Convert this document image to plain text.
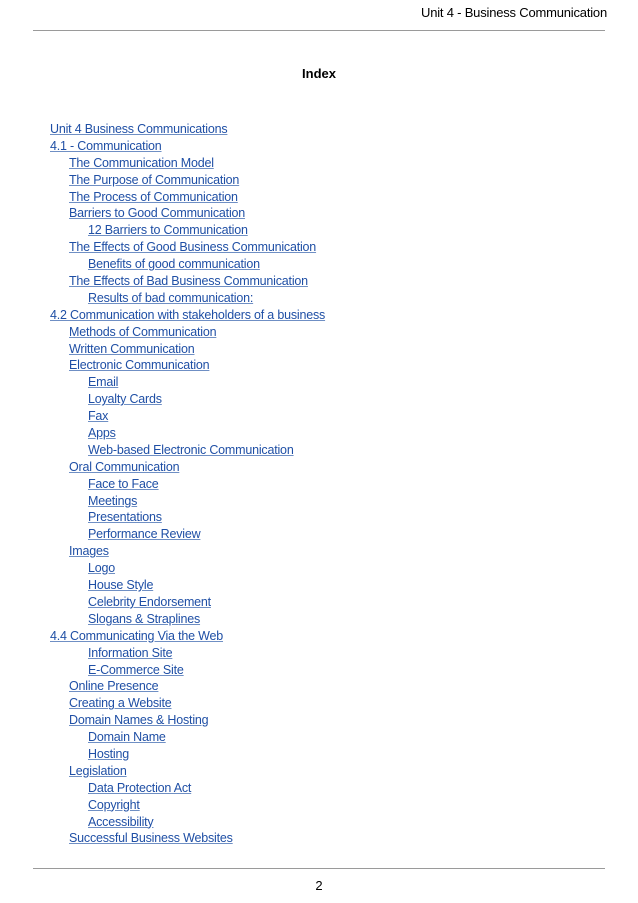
Unit 4 - Business Communication
Index
Unit 4 Business Communications
4.1 - Communication
The Communication Model
The Purpose of Communication
The Process of Communication
Barriers to Good Communication
12 Barriers to Communication
The Effects of Good Business Communication
Benefits of good communication
The Effects of Bad Business Communication
Results of bad communication:
4.2 Communication with stakeholders of a business
Methods of Communication
Written Communication
Electronic Communication
Email
Loyalty Cards
Fax
Apps
Web-based Electronic Communication
Oral Communication
Face to Face
Meetings
Presentations
Performance Review
Images
Logo
House Style
Celebrity Endorsement
Slogans & Straplines
4.4 Communicating Via the Web
Information Site
E-Commerce Site
Online Presence
Creating a Website
Domain Names & Hosting
Domain Name
Hosting
Legislation
Data Protection Act
Copyright
Accessibility
Successful Business Websites
2
